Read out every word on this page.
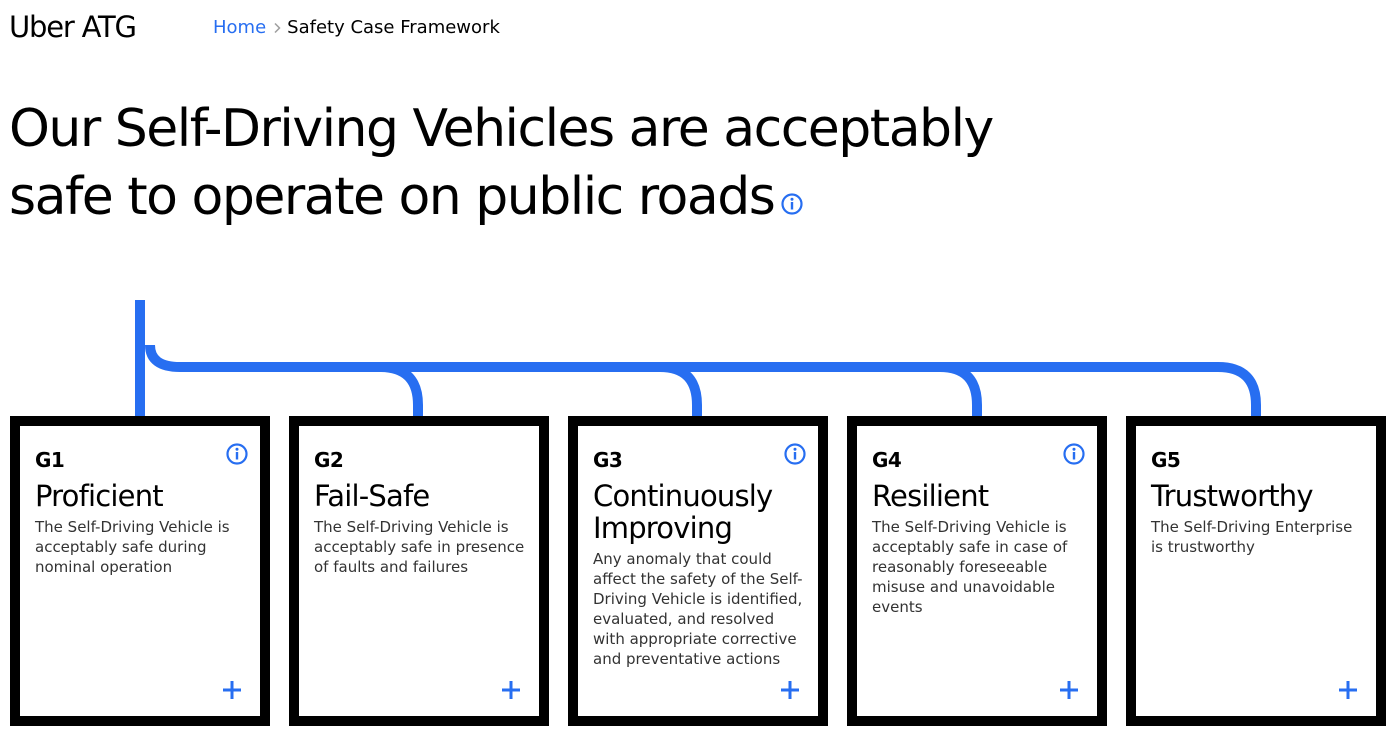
Uber ATG	Home Safety Case Framework
Our Self-Driving Vehicles are acceptably
safe to operate on public roads
G1
Proficient
The Self-Driving Vehicle is acceptably safe during nominal operation
G2
Fail-Safe
The Self-Driving Vehicle is acceptably safe in presence of faults and failures
G3
Continuously Improving
Any anomaly that could affect the safety of the Self-Driving Vehicle is identified, evaluated, and resolved with appropriate corrective and preventative actions
G4
Resilient
The Self-Driving Vehicle is acceptably safe in case of reasonably foreseeable misuse and unavoidable events
G5
Trustworthy
The Self-Driving Enterprise is trustworthy
